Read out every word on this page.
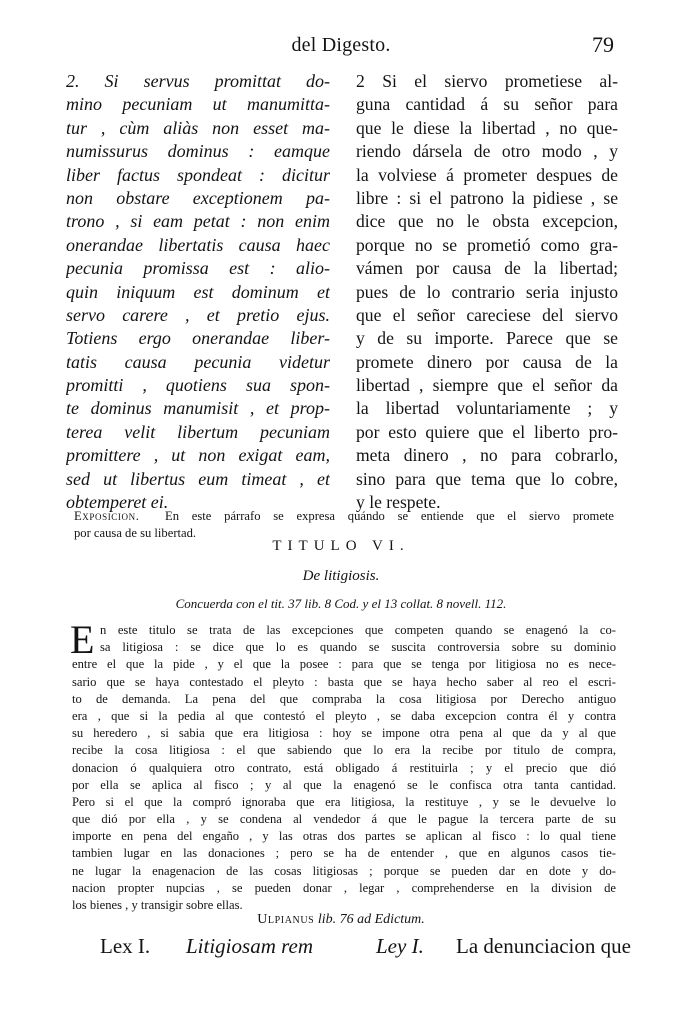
del Digesto.	79
2. Si servus promittat do-
mino pecuniam ut manumitta-
tur , cùm aliàs non esset ma-
numissurus dominus : eamque
liber factus spondeat : dicitur
non obstare exceptionem pa-
trono , si eam petat : non enim
onerandae libertatis causa haec
pecunia promissa est : alio-
quin iniquum est dominum et
servo carere , et pretio ejus.
Totiens ergo onerandae liber-
tatis causa pecunia videtur
promitti , quotiens sua spon-
te dominus manumisit , et prop-
terea velit libertum pecuniam
promittere , ut non exigat eam,
sed ut libertus eum timeat , et
obtemperet ei.
2 Si el siervo prometiese al-
guna cantidad á su señor para
que le diese la libertad , no que-
riendo dársela de otro modo , y
la volviese á prometer despues de
libre : si el patrono la pidiese , se
dice que no le obsta excepcion,
porque no se prometió como gra-
vámen por causa de la libertad;
pues de lo contrario seria injusto
que el señor careciese del siervo
y de su importe. Parece que se
promete dinero por causa de la
libertad , siempre que el señor da
la libertad voluntariamente ; y
por esto quiere que el liberto pro-
meta dinero , no para cobrarlo,
sino para que tema que lo cobre,
y le respete.
Exposicion. En este párrafo se expresa quándo se entiende que el siervo promete
por causa de su libertad.
TITULO VI.
De litigiosis.
Concuerda con el tit. 37 lib. 8 Cod. y el 13 collat. 8 novell. 112.
E n este titulo se trata de las excepciones que competen quando se enagenó la co-
sa litigiosa : se dice que lo es quando se suscita controversia sobre su dominio
entre el que la pide , y el que la posee : para que se tenga por litigiosa no es nece-
sario que se haya contestado el pleyto : basta que se haya hecho saber al reo el escri-
to de demanda. La pena del que compraba la cosa litigiosa por Derecho antiguo
era , que si la pedia al que contestó el pleyto , se daba excepcion contra él y contra
su heredero , si sabia que era litigiosa : hoy se impone otra pena al que da y al que
recibe la cosa litigiosa : el que sabiendo que lo era la recibe por titulo de compra,
donacion ó qualquiera otro contrato, está obligado á restituirla ; y el precio que dió
por ella se aplica al fisco ; y al que la enagenó se le confisca otra tanta cantidad.
Pero si el que la compró ignoraba que era litigiosa, la restituye , y se le devuelve lo
que dió por ella , y se condena al vendedor á que le pague la tercera parte de su
importe en pena del engaño , y las otras dos partes se aplican al fisco : lo qual tiene
tambien lugar en las donaciones ; pero se ha de entender , que en algunos casos tie-
ne lugar la enagenacion de las cosas litigiosas ; porque se pueden dar en dote y do-
nacion propter nupcias , se pueden donar , legar , comprehenderse en la division de
los bienes , y transigir sobre ellas.
Ulpianus lib. 76 ad Edictum.
Lex I. Litigiosam rem	Ley I. La denunciacion que
